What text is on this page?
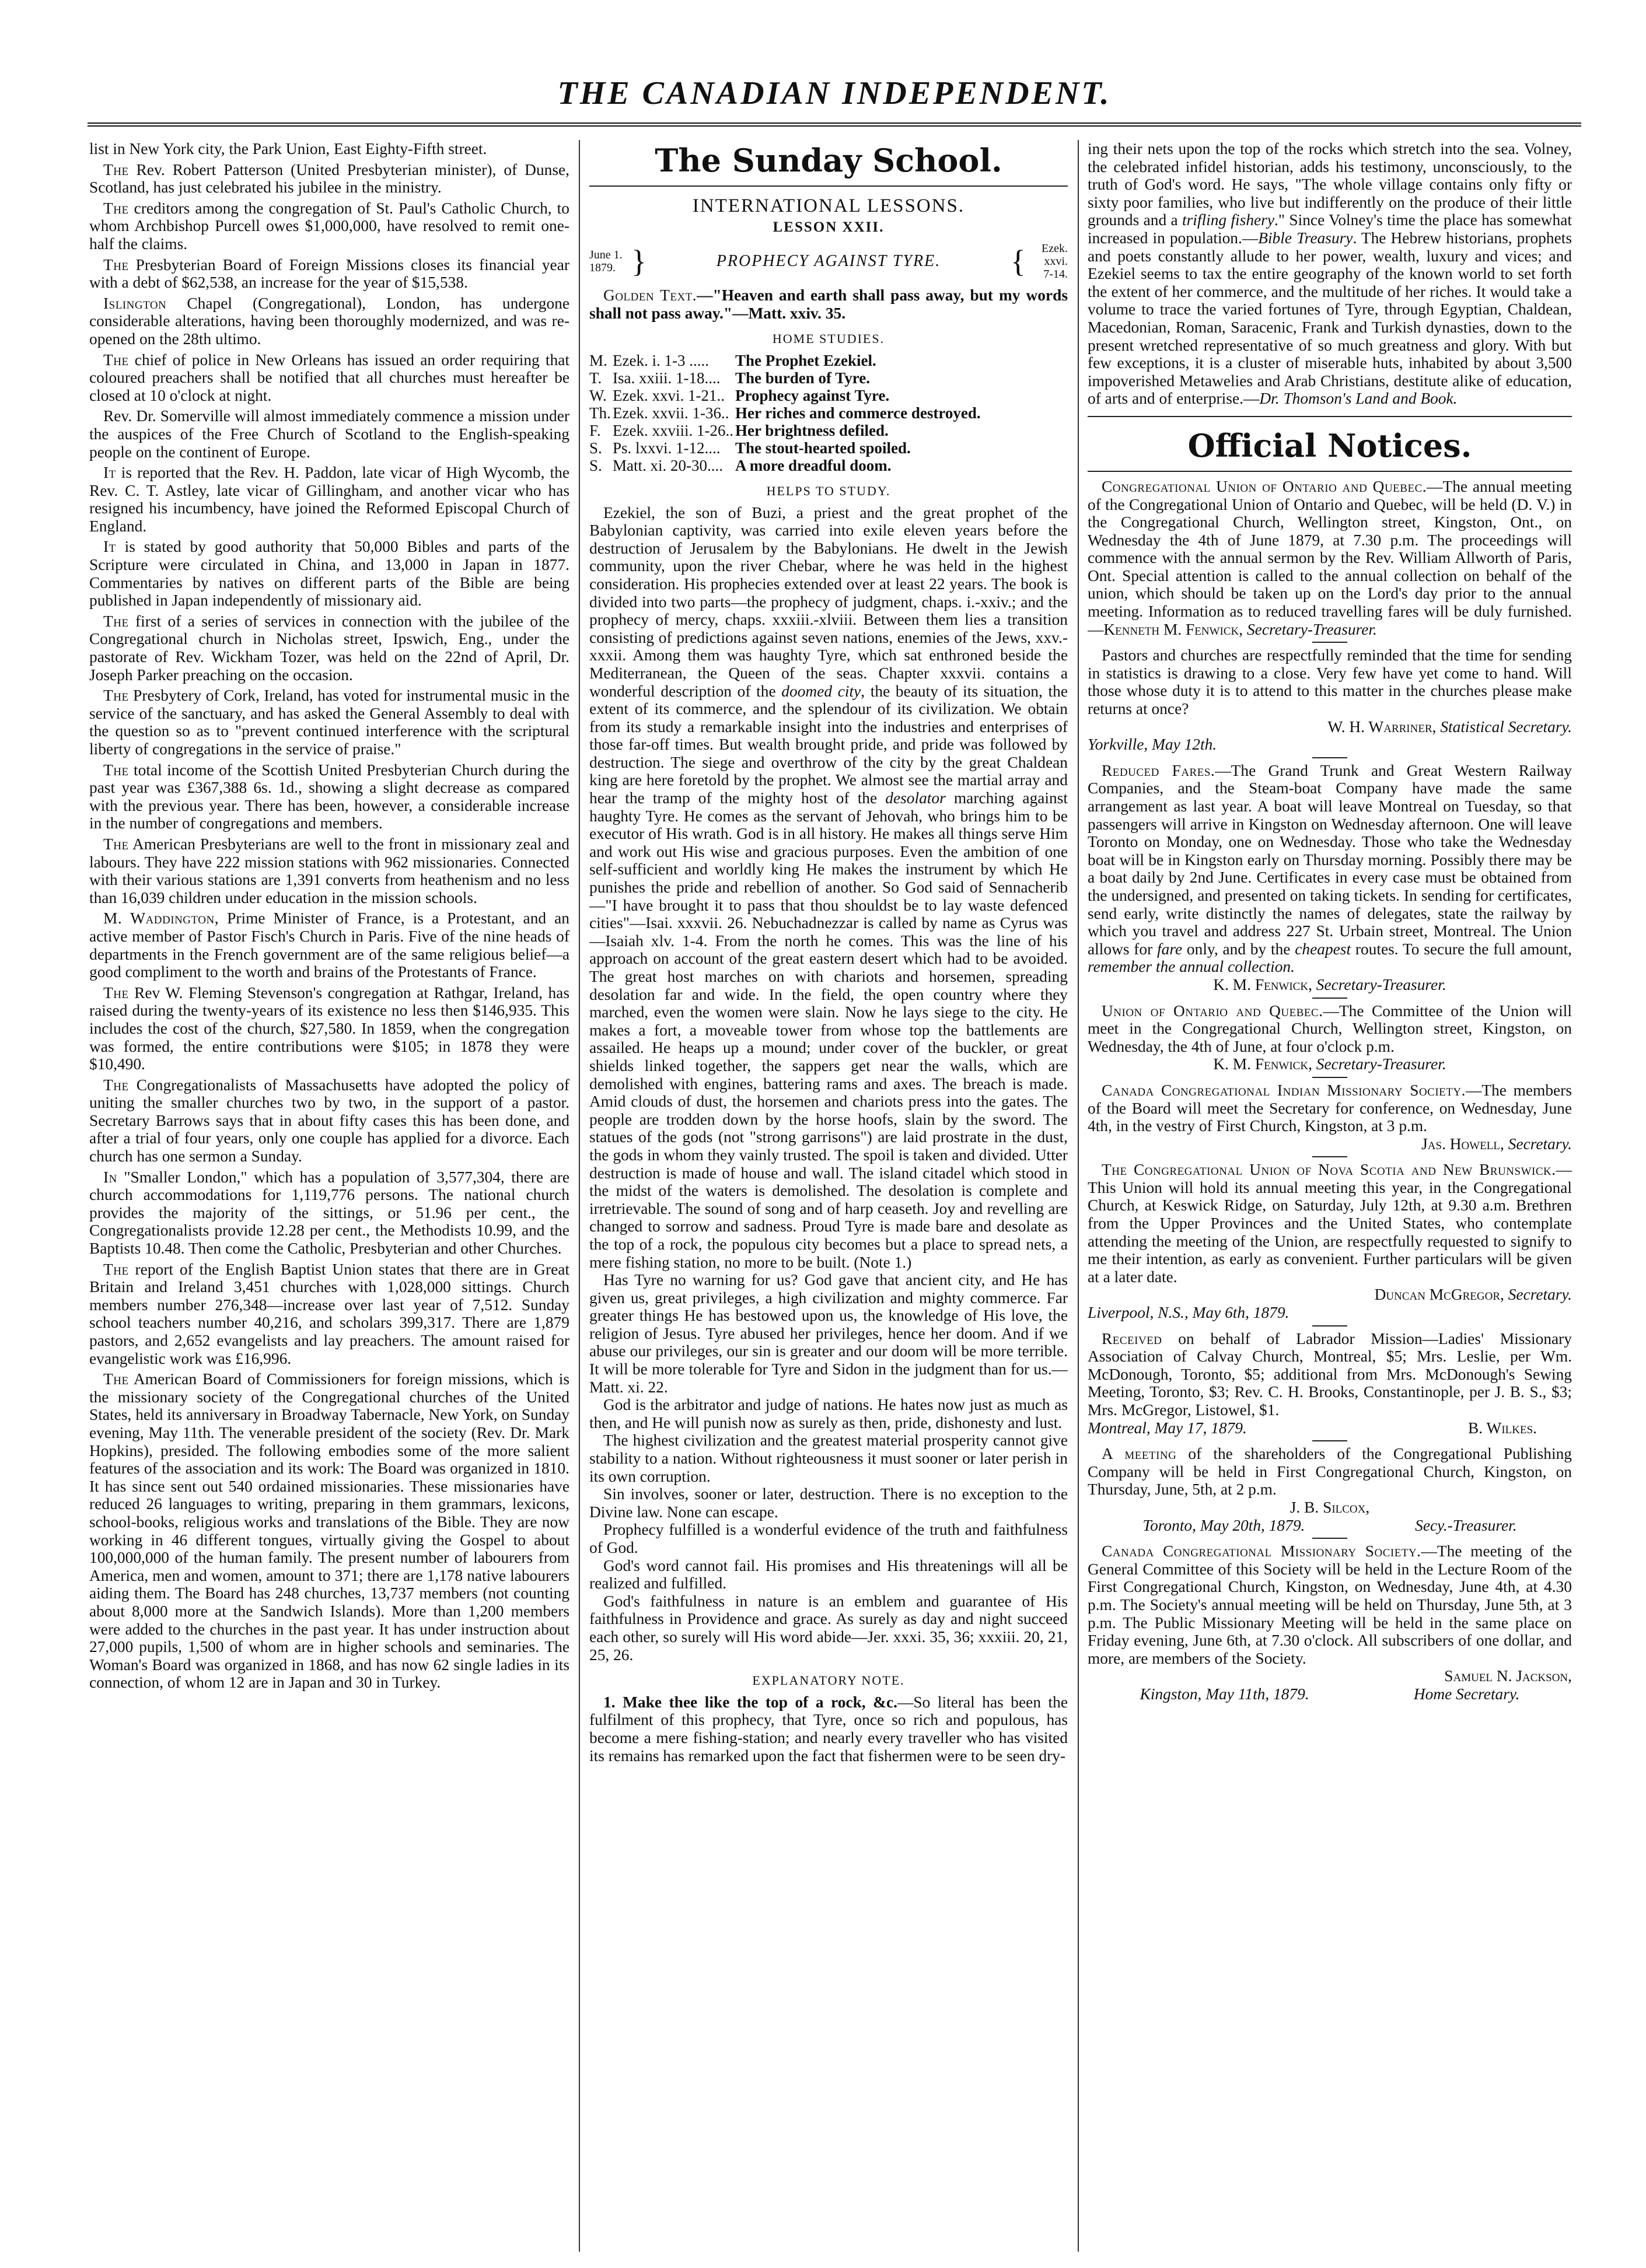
THE CANADIAN INDEPENDENT.

list in New York city, the Park Union, East Eighty-Fifth street.

The Rev. Robert Patterson (United Presbyterian minister), of Dunse, Scotland, has just celebrated his jubilee in the ministry.

The creditors among the congregation of St. Paul's Catholic Church, to whom Archbishop Purcell owes $1,000,000, have resolved to remit one-half the claims.

The Presbyterian Board of Foreign Missions closes its financial year with a debt of $62,538, an increase for the year of $15,538.

Islington Chapel (Congregational), London, has undergone considerable alterations, having been thoroughly modernized, and was re-opened on the 28th ultimo.

The chief of police in New Orleans has issued an order requiring that coloured preachers shall be notified that all churches must hereafter be closed at 10 o'clock at night.

Rev. Dr. Somerville will almost immediately commence a mission under the auspices of the Free Church of Scotland to the English-speaking people on the continent of Europe.

It is reported that the Rev. H. Paddon, late vicar of High Wycomb, the Rev. C. T. Astley, late vicar of Gillingham, and another vicar who has resigned his incumbency, have joined the Reformed Episcopal Church of England.

It is stated by good authority that 50,000 Bibles and parts of the Scripture were circulated in China, and 13,000 in Japan in 1877. Commentaries by natives on different parts of the Bible are being published in Japan independently of missionary aid.

The first of a series of services in connection with the jubilee of the Congregational church in Nicholas street, Ipswich, Eng., under the pastorate of Rev. Wickham Tozer, was held on the 22nd of April, Dr. Joseph Parker preaching on the occasion.

The Presbytery of Cork, Ireland, has voted for instrumental music in the service of the sanctuary, and has asked the General Assembly to deal with the question so as to "prevent continued interference with the scriptural liberty of congregations in the service of praise."

The total income of the Scottish United Presbyterian Church during the past year was £367,388 6s. 1d., showing a slight decrease as compared with the previous year. There has been, however, a considerable increase in the number of congregations and members.

The American Presbyterians are well to the front in missionary zeal and labours. They have 222 mission stations with 962 missionaries. Connected with their various stations are 1,391 converts from heathenism and no less than 16,039 children under education in the mission schools.

M. Waddington, Prime Minister of France, is a Protestant, and an active member of Pastor Fisch's Church in Paris. Five of the nine heads of departments in the French government are of the same religious belief—a good compliment to the worth and brains of the Protestants of France.

The Rev W. Fleming Stevenson's congregation at Rathgar, Ireland, has raised during the twenty-years of its existence no less then $146,935. This includes the cost of the church, $27,580. In 1859, when the congregation was formed, the entire contributions were $105; in 1878 they were $10,490.

The Congregationalists of Massachusetts have adopted the policy of uniting the smaller churches two by two, in the support of a pastor. Secretary Barrows says that in about fifty cases this has been done, and after a trial of four years, only one couple has applied for a divorce. Each church has one sermon a Sunday.

In "Smaller London," which has a population of 3,577,304, there are church accommodations for 1,119,776 persons. The national church provides the majority of the sittings, or 51.96 per cent., the Congregationalists provide 12.28 per cent., the Methodists 10.99, and the Baptists 10.48. Then come the Catholic, Presbyterian and other Churches.

The report of the English Baptist Union states that there are in Great Britain and Ireland 3,451 churches with 1,028,000 sittings. Church members number 276,348—increase over last year of 7,512. Sunday school teachers number 40,216, and scholars 399,317. There are 1,879 pastors, and 2,652 evangelists and lay preachers. The amount raised for evangelistic work was £16,996.

The American Board of Commissioners for foreign missions, which is the missionary society of the Congregational churches of the United States, held its anniversary in Broadway Tabernacle, New York, on Sunday evening, May 11th. The venerable president of the society (Rev. Dr. Mark Hopkins), presided. The following embodies some of the more salient features of the association and its work: The Board was organized in 1810. It has since sent out 540 ordained missionaries. These missionaries have reduced 26 languages to writing, preparing in them grammars, lexicons, school-books, religious works and translations of the Bible. They are now working in 46 different tongues, virtually giving the Gospel to about 100,000,000 of the human family. The present number of labourers from America, men and women, amount to 371; there are 1,178 native labourers aiding them. The Board has 248 churches, 13,737 members (not counting about 8,000 more at the Sandwich Islands). More than 1,200 members were added to the churches in the past year. It has under instruction about 27,000 pupils, 1,500 of whom are in higher schools and seminaries. The Woman's Board was organized in 1868, and has now 62 single ladies in its connection, of whom 12 are in Japan and 30 in Turkey.

The Sunday School.

INTERNATIONAL LESSONS.

LESSON XXII.

June 1.
1879. }	PROPHECY AGAINST TYRE.	{	Ezek. xxvi.
7-14.

Golden Text.—"Heaven and earth shall pass away, but my words shall not pass away."—Matt. xxiv. 35.

HOME STUDIES.

M.	Ezek. i. 1-3 .....	The Prophet Ezekiel.
T.	Isa. xxiii. 1-18....	The burden of Tyre.
W.	Ezek. xxvi. 1-21..	Prophecy against Tyre.
Th.	Ezek. xxvii. 1-36..	Her riches and commerce destroyed.
F.	Ezek. xxviii. 1-26..	Her brightness defiled.
S.	Ps. lxxvi. 1-12....	The stout-hearted spoiled.
S.	Matt. xi. 20-30....	A more dreadful doom.

HELPS TO STUDY.

Ezekiel, the son of Buzi, a priest and the great prophet of the Babylonian captivity, was carried into exile eleven years before the destruction of Jerusalem by the Babylonians. He dwelt in the Jewish community, upon the river Chebar, where he was held in the highest consideration. His prophecies extended over at least 22 years. The book is divided into two parts—the prophecy of judgment, chaps. i.-xxiv.; and the prophecy of mercy, chaps. xxxiii.-xlviii. Between them lies a transition consisting of predictions against seven nations, enemies of the Jews, xxv.-xxxii. Among them was haughty Tyre, which sat enthroned beside the Mediterranean, the Queen of the seas. Chapter xxxvii. contains a wonderful description of the doomed city, the beauty of its situation, the extent of its commerce, and the splendour of its civilization. We obtain from its study a remarkable insight into the industries and enterprises of those far-off times. But wealth brought pride, and pride was followed by destruction. The siege and overthrow of the city by the great Chaldean king are here foretold by the prophet. We almost see the martial array and hear the tramp of the mighty host of the desolator marching against haughty Tyre. He comes as the servant of Jehovah, who brings him to be executor of His wrath. God is in all history. He makes all things serve Him and work out His wise and gracious purposes. Even the ambition of one self-sufficient and worldly king He makes the instrument by which He punishes the pride and rebellion of another. So God said of Sennacherib—"I have brought it to pass that thou shouldst be to lay waste defenced cities"—Isai. xxxvii. 26. Nebuchadnezzar is called by name as Cyrus was—Isaiah xlv. 1-4. From the north he comes. This was the line of his approach on account of the great eastern desert which had to be avoided. The great host marches on with chariots and horsemen, spreading desolation far and wide. In the field, the open country where they marched, even the women were slain. Now he lays siege to the city. He makes a fort, a moveable tower from whose top the battlements are assailed. He heaps up a mound; under cover of the buckler, or great shields linked together, the sappers get near the walls, which are demolished with engines, battering rams and axes. The breach is made. Amid clouds of dust, the horsemen and chariots press into the gates. The people are trodden down by the horse hoofs, slain by the sword. The statues of the gods (not "strong garrisons") are laid prostrate in the dust, the gods in whom they vainly trusted. The spoil is taken and divided. Utter destruction is made of house and wall. The island citadel which stood in the midst of the waters is demolished. The desolation is complete and irretrievable. The sound of song and of harp ceaseth. Joy and revelling are changed to sorrow and sadness. Proud Tyre is made bare and desolate as the top of a rock, the populous city becomes but a place to spread nets, a mere fishing station, no more to be built. (Note 1.)

Has Tyre no warning for us? God gave that ancient city, and He has given us, great privileges, a high civilization and mighty commerce. Far greater things He has bestowed upon us, the knowledge of His love, the religion of Jesus. Tyre abused her privileges, hence her doom. And if we abuse our privileges, our sin is greater and our doom will be more terrible. It will be more tolerable for Tyre and Sidon in the judgment than for us.—Matt. xi. 22.

God is the arbitrator and judge of nations. He hates now just as much as then, and He will punish now as surely as then, pride, dishonesty and lust.

The highest civilization and the greatest material prosperity cannot give stability to a nation. Without righteousness it must sooner or later perish in its own corruption.

Sin involves, sooner or later, destruction. There is no exception to the Divine law. None can escape.

Prophecy fulfilled is a wonderful evidence of the truth and faithfulness of God.

God's word cannot fail. His promises and His threatenings will all be realized and fulfilled.

God's faithfulness in nature is an emblem and guarantee of His faithfulness in Providence and grace. As surely as day and night succeed each other, so surely will His word abide—Jer. xxxi. 35, 36; xxxiii. 20, 21, 25, 26.

EXPLANATORY NOTE.

1. Make thee like the top of a rock, &c.—So literal has been the fulfilment of this prophecy, that Tyre, once so rich and populous, has become a mere fishing-station; and nearly every traveller who has visited its remains has remarked upon the fact that fishermen were to be seen dry-

ing their nets upon the top of the rocks which stretch into the sea. Volney, the celebrated infidel historian, adds his testimony, unconsciously, to the truth of God's word. He says, "The whole village contains only fifty or sixty poor families, who live but indifferently on the produce of their little grounds and a trifling fishery." Since Volney's time the place has somewhat increased in population.—Bible Treasury. The Hebrew historians, prophets and poets constantly allude to her power, wealth, luxury and vices; and Ezekiel seems to tax the entire geography of the known world to set forth the extent of her commerce, and the multitude of her riches. It would take a volume to trace the varied fortunes of Tyre, through Egyptian, Chaldean, Macedonian, Roman, Saracenic, Frank and Turkish dynasties, down to the present wretched representative of so much greatness and glory. With but few exceptions, it is a cluster of miserable huts, inhabited by about 3,500 impoverished Metawelies and Arab Christians, destitute alike of education, of arts and of enterprise.—Dr. Thomson's Land and Book.

Official Notices.

Congregational Union of Ontario and Quebec.—The annual meeting of the Congregational Union of Ontario and Quebec, will be held (D. V.) in the Congregational Church, Wellington street, Kingston, Ont., on Wednesday the 4th of June 1879, at 7.30 p.m. The proceedings will commence with the annual sermon by the Rev. William Allworth of Paris, Ont. Special attention is called to the annual collection on behalf of the union, which should be taken up on the Lord's day prior to the annual meeting. Information as to reduced travelling fares will be duly furnished. —Kenneth M. Fenwick, Secretary-Treasurer.

Pastors and churches are respectfully reminded that the time for sending in statistics is drawing to a close. Very few have yet come to hand. Will those whose duty it is to attend to this matter in the churches please make returns at once?

W. H. Warriner, Statistical Secretary.

Yorkville, May 12th.

Reduced Fares.—The Grand Trunk and Great Western Railway Companies, and the Steam-boat Company have made the same arrangement as last year. A boat will leave Montreal on Tuesday, so that passengers will arrive in Kingston on Wednesday afternoon. One will leave Toronto on Monday, one on Wednesday. Those who take the Wednesday boat will be in Kingston early on Thursday morning. Possibly there may be a boat daily by 2nd June. Certificates in every case must be obtained from the undersigned, and presented on taking tickets. In sending for certificates, send early, write distinctly the names of delegates, state the railway by which you travel and address 227 St. Urbain street, Montreal. The Union allows for fare only, and by the cheapest routes. To secure the full amount, remember the annual collection.

K. M. Fenwick, Secretary-Treasurer.

Union of Ontario and Quebec.—The Committee of the Union will meet in the Congregational Church, Wellington street, Kingston, on Wednesday, the 4th of June, at four o'clock p.m.

K. M. Fenwick, Secretary-Treasurer.

Canada Congregational Indian Missionary Society.—The members of the Board will meet the Secretary for conference, on Wednesday, June 4th, in the vestry of First Church, Kingston, at 3 p.m.

Jas. Howell, Secretary.

The Congregational Union of Nova Scotia and New Brunswick.—This Union will hold its annual meeting this year, in the Congregational Church, at Keswick Ridge, on Saturday, July 12th, at 9.30 a.m. Brethren from the Upper Provinces and the United States, who contemplate attending the meeting of the Union, are respectfully requested to signify to me their intention, as early as convenient. Further particulars will be given at a later date.

Duncan McGregor, Secretary.

Liverpool, N.S., May 6th, 1879.

Received on behalf of Labrador Mission—Ladies' Missionary Association of Calvay Church, Montreal, $5; Mrs. Leslie, per Wm. McDonough, Toronto, $5; additional from Mrs. McDonough's Sewing Meeting, Toronto, $3; Rev. C. H. Brooks, Constantinople, per J. B. S., $3; Mrs. McGregor, Listowel, $1.

Montreal, May 17, 1879.	B. Wilkes.

A meeting of the shareholders of the Congregational Publishing Company will be held in First Congregational Church, Kingston, on Thursday, June, 5th, at 2 p.m.

J. B. Silcox,

Toronto, May 20th, 1879.	Secy.-Treasurer.

Canada Congregational Missionary Society.—The meeting of the General Committee of this Society will be held in the Lecture Room of the First Congregational Church, Kingston, on Wednesday, June 4th, at 4.30 p.m. The Society's annual meeting will be held on Thursday, June 5th, at 3 p.m. The Public Missionary Meeting will be held in the same place on Friday evening, June 6th, at 7.30 o'clock. All subscribers of one dollar, and more, are members of the Society.

Samuel N. Jackson,

Kingston, May 11th, 1879.	Home Secretary.
